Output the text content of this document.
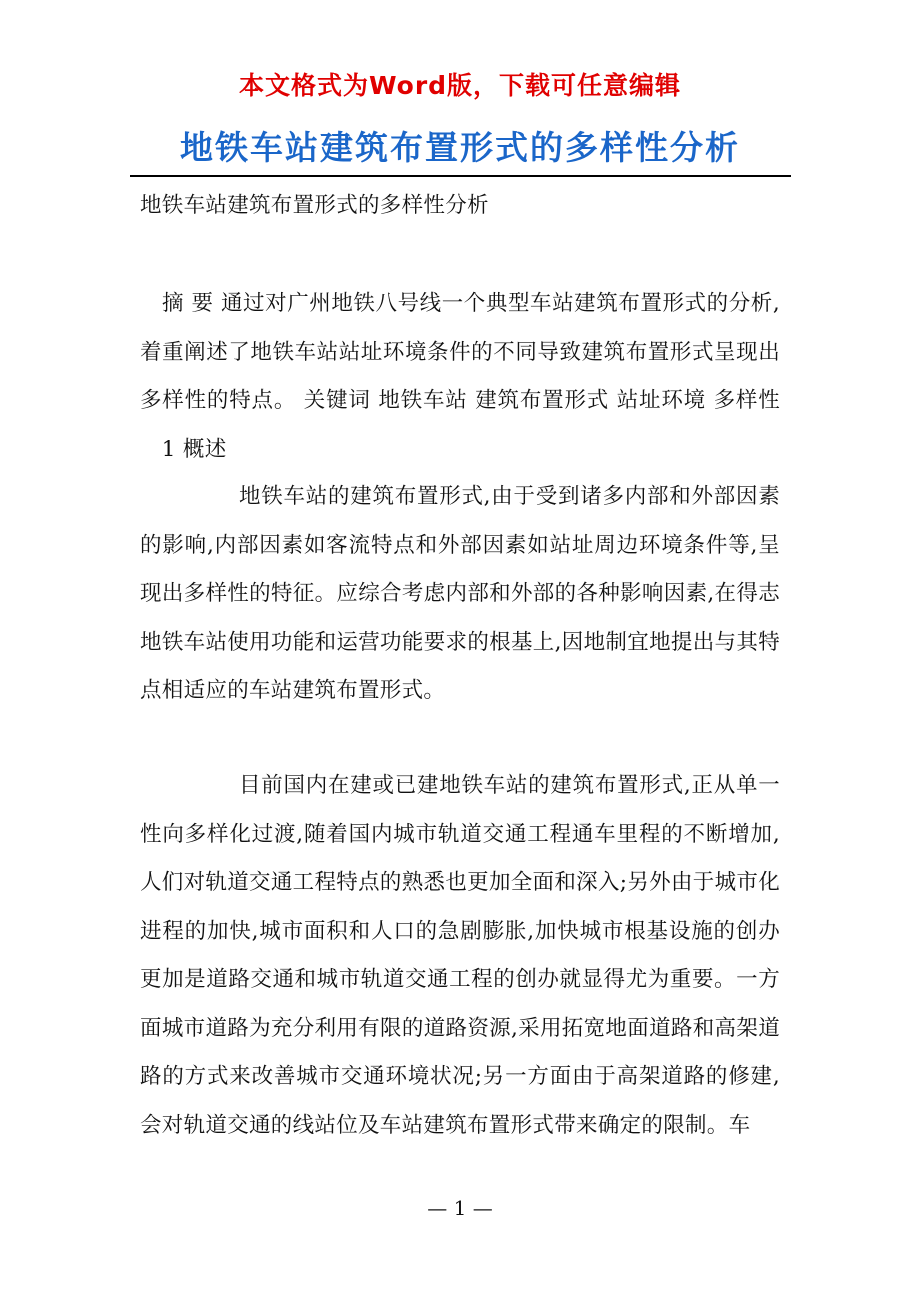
本文格式为Word版，下载可任意编辑
地铁车站建筑布置形式的多样性分析
地铁车站建筑布置形式的多样性分析
摘 要 通过对广州地铁八号线一个典型车站建筑布置形式的分析,着重阐述了地铁车站站址环境条件的不同导致建筑布置形式呈现出多样性的特点。 关键词 地铁车站 建筑布置形式 站址环境 多样性 　1 概述
地铁车站的建筑布置形式,由于受到诸多内部和外部因素的影响,内部因素如客流特点和外部因素如站址周边环境条件等,呈现出多样性的特征。应综合考虑内部和外部的各种影响因素,在得志地铁车站使用功能和运营功能要求的根基上,因地制宜地提出与其特点相适应的车站建筑布置形式。
目前国内在建或已建地铁车站的建筑布置形式,正从单一性向多样化过渡,随着国内城市轨道交通工程通车里程的不断增加,人们对轨道交通工程特点的熟悉也更加全面和深入;另外由于城市化进程的加快,城市面积和人口的急剧膨胀,加快城市根基设施的创办更加是道路交通和城市轨道交通工程的创办就显得尤为重要。一方面城市道路为充分利用有限的道路资源,采用拓宽地面道路和高架道路的方式来改善城市交通环境状况;另一方面由于高架道路的修建,会对轨道交通的线站位及车站建筑布置形式带来确定的限制。车
— 1 —
